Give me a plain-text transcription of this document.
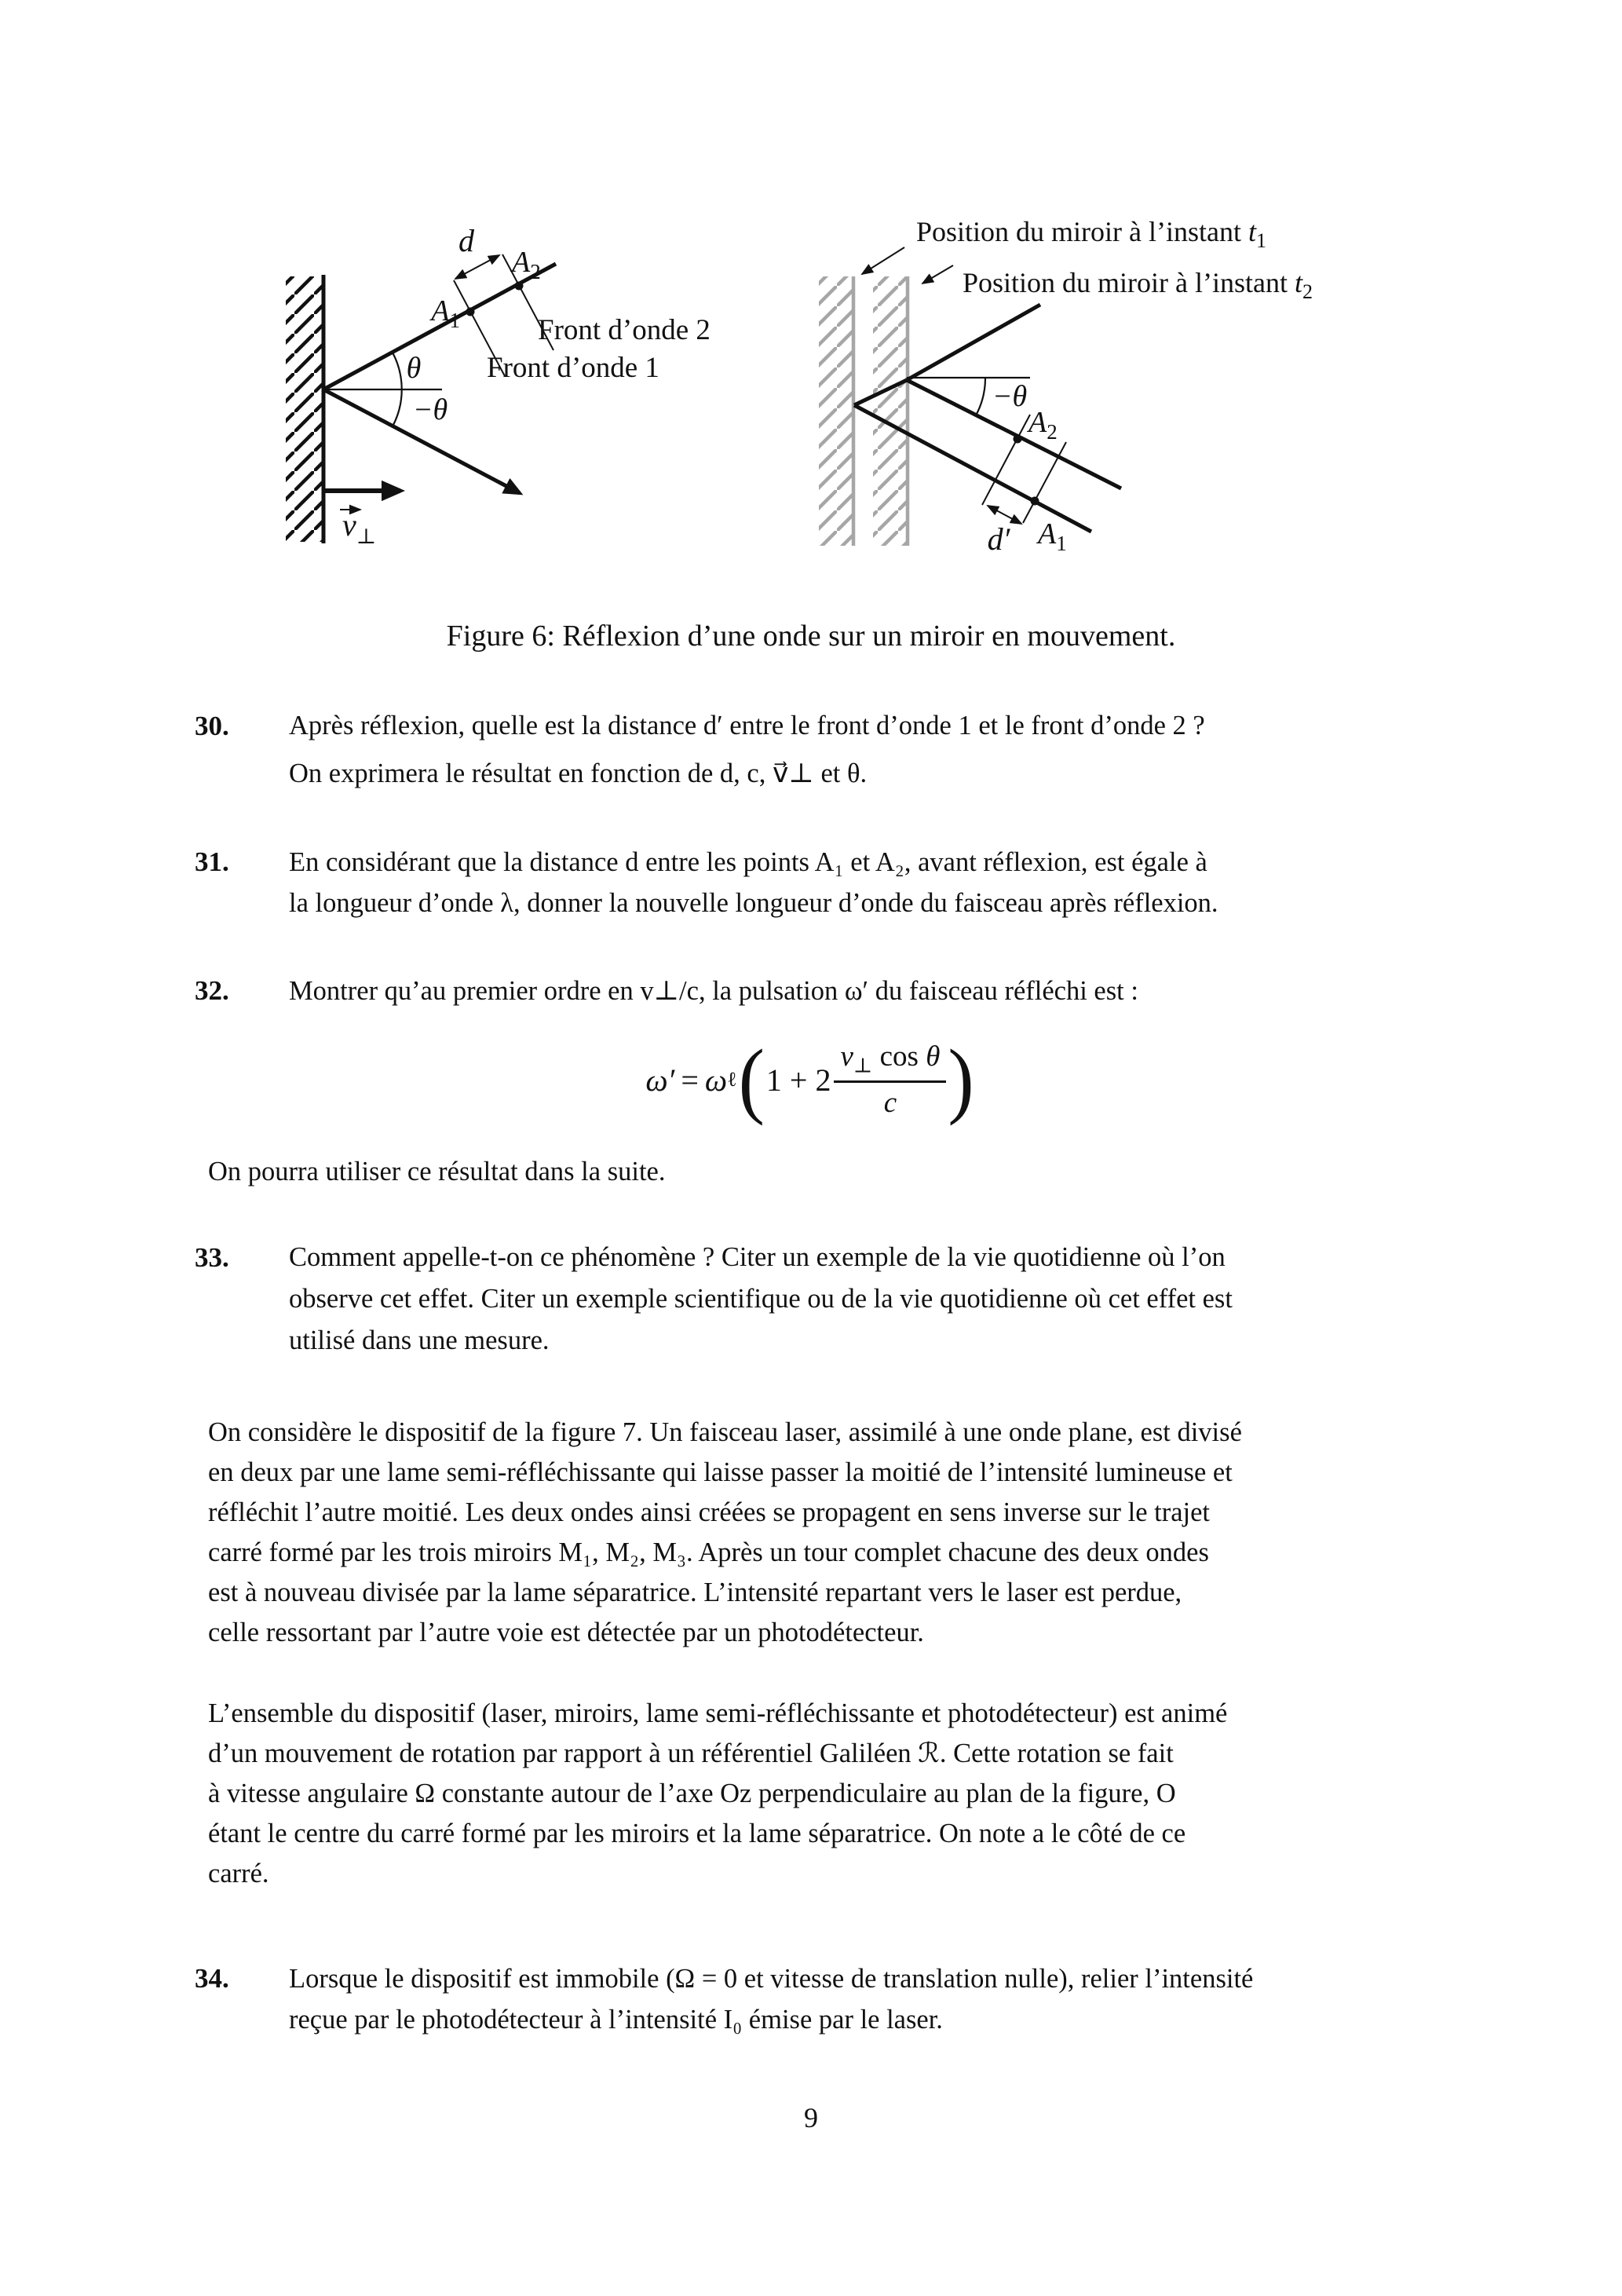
d
$A_1$
$A_2$
Front d’onde 2
Front d’onde 1
θ
−θ
$v_\perp$
Position du miroir à l’instant $t_1$
Position du miroir à l’instant $t_2$
−θ
$A_2$
$A_1$
d′
Figure 6: Réflexion d’une onde sur un miroir en mouvement.
30. Après réflexion, quelle est la distance d′ entre le front d’onde 1 et le front d’onde 2 ?
On exprimera le résultat en fonction de d, c, v⃗⊥ et θ.
31. En considérant que la distance d entre les points A₁ et A₂, avant réflexion, est égale à
la longueur d’onde λ, donner la nouvelle longueur d’onde du faisceau après réflexion.
32. Montrer qu’au premier ordre en v⊥/c, la pulsation ω′ du faisceau réfléchi est :
ω′ = ω ℓ ( $1 + 2 \frac{v_\perp \cos \theta}{c}$ )
On pourra utiliser ce résultat dans la suite.
33. Comment appelle-t-on ce phénomène ? Citer un exemple de la vie quotidienne où l’on
observe cet effet. Citer un exemple scientifique ou de la vie quotidienne où cet effet est
utilisé dans une mesure.
On considère le dispositif de la figure 7. Un faisceau laser, assimilé à une onde plane, est divisé
en deux par une lame semi-réfléchissante qui laisse passer la moitié de l’intensité lumineuse et
réfléchit l’autre moitié. Les deux ondes ainsi créées se propagent en sens inverse sur le trajet
carré formé par les trois miroirs M₁, M₂, M₃. Après un tour complet chacune des deux ondes
est à nouveau divisée par la lame séparatrice. L’intensité repartant vers le laser est perdue,
celle ressortant par l’autre voie est détectée par un photodétecteur.
L’ensemble du dispositif (laser, miroirs, lame semi-réfléchissante et photodétecteur) est animé
d’un mouvement de rotation par rapport à un référentiel Galiléen ℛ. Cette rotation se fait
à vitesse angulaire Ω constante autour de l’axe Oz perpendiculaire au plan de la figure, O
étant le centre du carré formé par les miroirs et la lame séparatrice. On note a le côté de ce
carré.
34. Lorsque le dispositif est immobile (Ω = 0 et vitesse de translation nulle), relier l’intensité
reçue par le photodétecteur à l’intensité I₀ émise par le laser.
9
